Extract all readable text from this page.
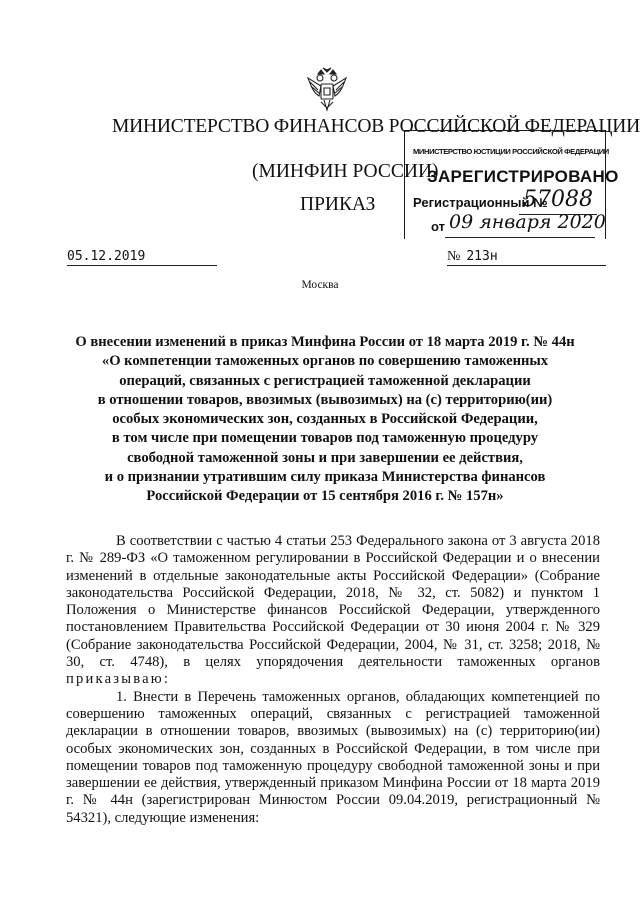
МИНИСТЕРСТВО ФИНАНСОВ РОССИЙСКОЙ ФЕДЕРАЦИИ
(МИНФИН РОССИИ)
ПРИКАЗ
МИНИСТЕРСТВО ЮСТИЦИИ РОССИЙСКОЙ ФЕДЕРАЦИИ
ЗАРЕГИСТРИРОВАНО
Регистрационный №
57088
от 09 января 2020
05.12.2019	№ 213н
Москва
О внесении изменений в приказ Минфина России от 18 марта 2019 г. № 44н
«О компетенции таможенных органов по совершению таможенных
операций, связанных с регистрацией таможенной декларации
в отношении товаров, ввозимых (вывозимых) на (с) территорию(ии)
особых экономических зон, созданных в Российской Федерации,
в том числе при помещении товаров под таможенную процедуру
свободной таможенной зоны и при завершении ее действия,
и о признании утратившим силу приказа Министерства финансов
Российской Федерации от 15 сентября 2016 г. № 157н»

В соответствии с частью 4 статьи 253 Федерального закона от 3 августа 2018 г. № 289-ФЗ «О таможенном регулировании в Российской Федерации и о внесении изменений в отдельные законодательные акты Российской Федерации» (Собрание законодательства Российской Федерации, 2018, № 32, ст. 5082) и пунктом 1 Положения о Министерстве финансов Российской Федерации, утвержденного постановлением Правительства Российской Федерации от 30 июня 2004 г. № 329 (Собрание законодательства Российской Федерации, 2004, № 31, ст. 3258; 2018, № 30, ст. 4748), в целях упорядочения деятельности таможенных органов приказываю:

1. Внести в Перечень таможенных органов, обладающих компетенцией по совершению таможенных операций, связанных с регистрацией таможенной декларации в отношении товаров, ввозимых (вывозимых) на (с) территорию(ии) особых экономических зон, созданных в Российской Федерации, в том числе при помещении товаров под таможенную процедуру свободной таможенной зоны и при завершении ее действия, утвержденный приказом Минфина России от 18 марта 2019 г. № 44н (зарегистрирован Минюстом России 09.04.2019, регистрационный № 54321), следующие изменения:
